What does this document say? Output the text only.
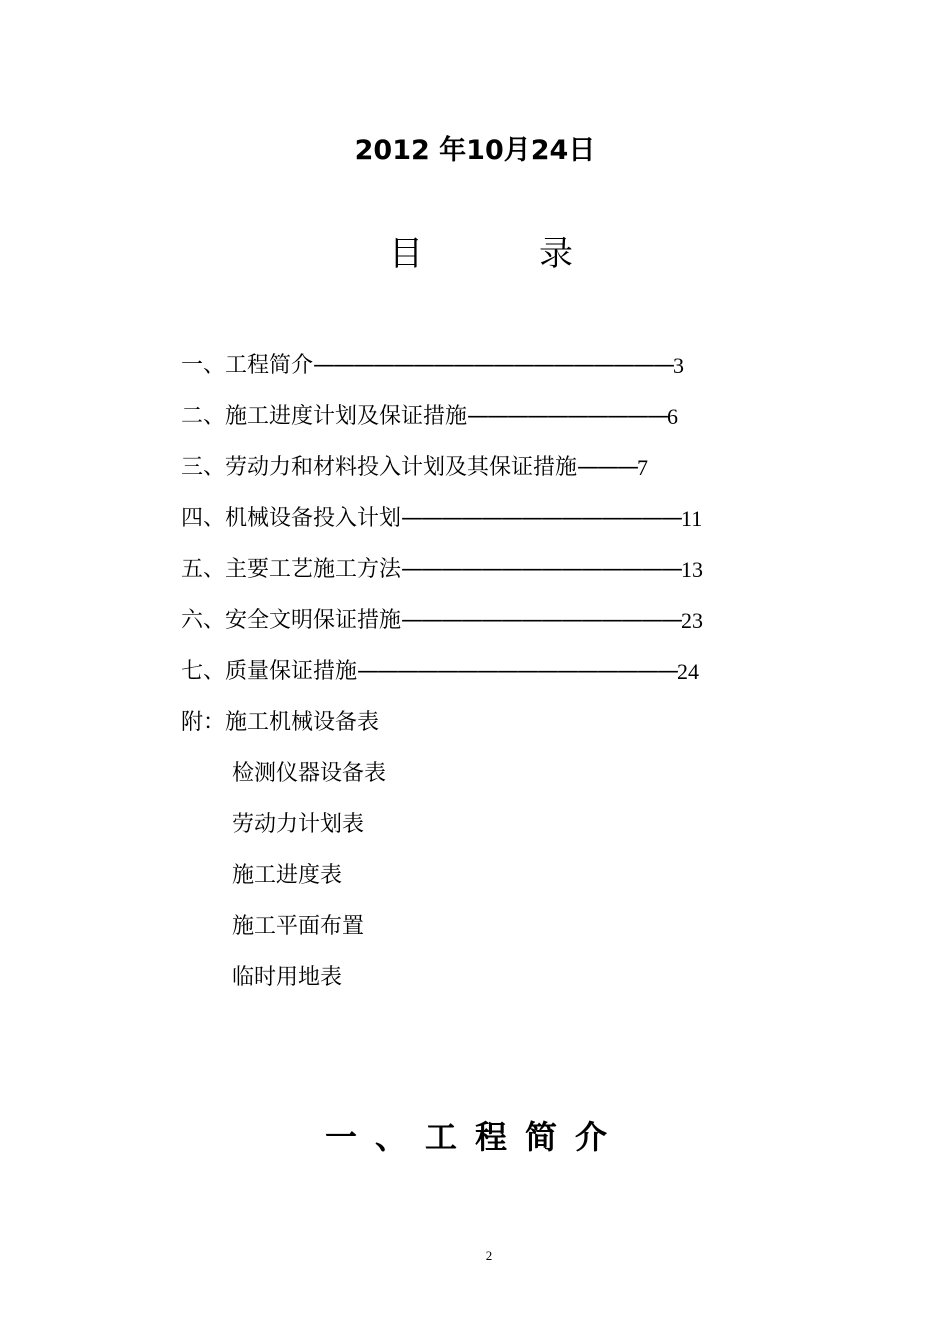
2012 年10月24日
目	录
一、工程简介 —————————————————— 3
二、施工进度计划及保证措施 —————————— 6
三、劳动力和材料投入计划及其保证措施 ——— 7
四、机械设备投入计划 —————————————— 11
五、主要工艺施工方法 —————————————— 13
六、安全文明保证措施 —————————————— 23
七、质量保证措施 ———————————————— 24
附：施工机械设备表
检测仪器设备表
劳动力计划表
施工进度表
施工平面布置
临时用地表
一、工程简介
2
